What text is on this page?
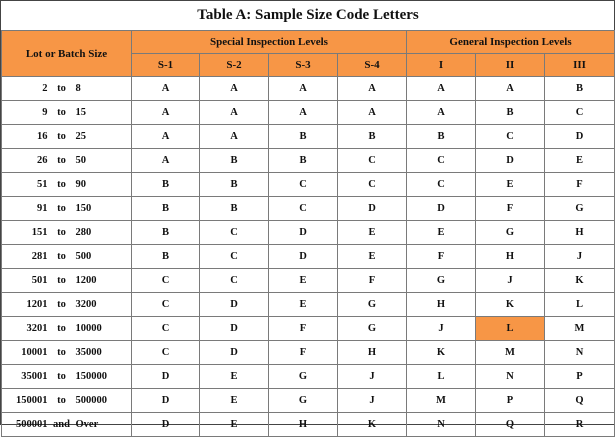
Table A: Sample Size Code Letters							
Lot or Batch Size	Special Inspection Levels				General Inspection Levels		
	S-1	S-2	S-3	S-4	I	II	III
2 to 8	A	A	A	A	A	A	B
9 to 15	A	A	A	A	A	B	C
16 to 25	A	A	B	B	B	C	D
26 to 50	A	B	B	C	C	D	E
51 to 90	B	B	C	C	C	E	F
91 to 150	B	B	C	D	D	F	G
151 to 280	B	C	D	E	E	G	H
281 to 500	B	C	D	E	F	H	J
501 to 1200	C	C	E	F	G	J	K
1201 to 3200	C	D	E	G	H	K	L
3201 to 10000	C	D	F	G	J	L	M
10001 to 35000	C	D	F	H	K	M	N
35001 to 150000	D	E	G	J	L	N	P
150001 to 500000	D	E	G	J	M	P	Q
500001 and Over	D	E	H	K	N	Q	R
